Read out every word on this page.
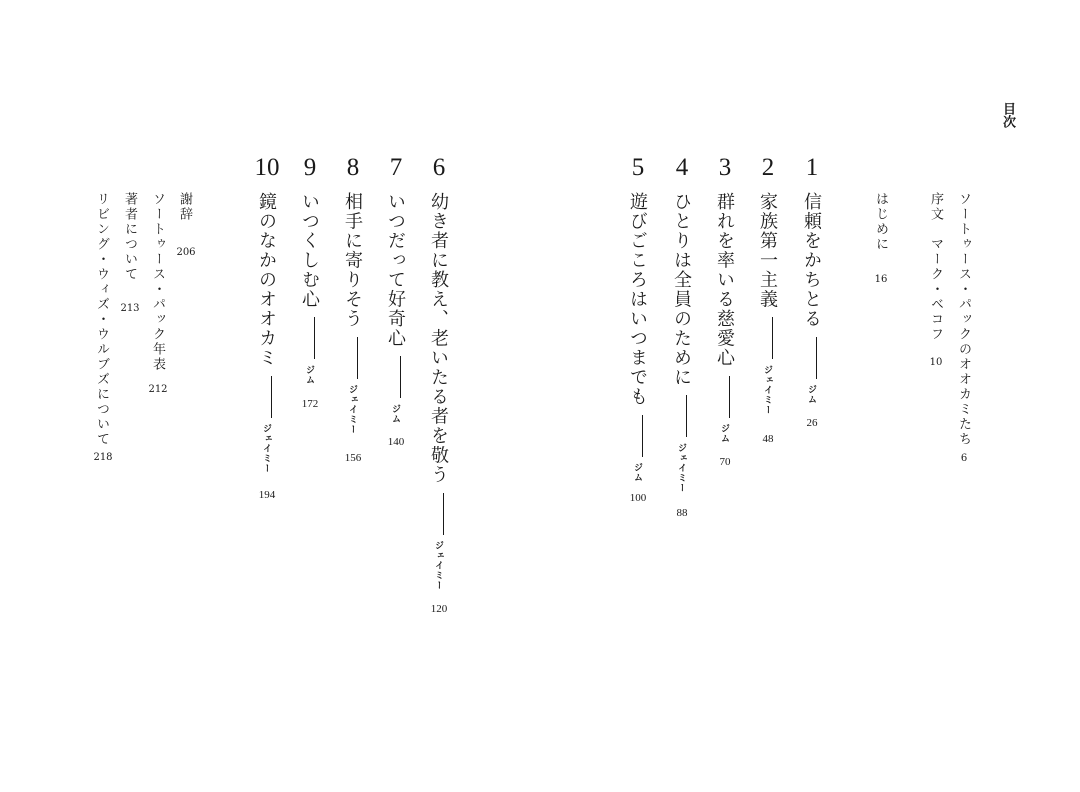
目次
ソートゥース・パックのオオカミたち
6
序文　マーク・ベコフ
10
はじめに
16
1
信頼をかちとるジム
26
2
家族第一主義ジェイミー
48
3
群れを率いる慈愛心ジム
70
4
ひとりは全員のためにジェイミー
88
5
遊びごころはいつまでもジム
100
6
幼き者に教え、老いたる者を敬うジェイミー
120
7
いつだって好奇心ジム
140
8
相手に寄りそうジェイミー
156
9
いつくしむ心ジム
172
10
鏡のなかのオオカミジェイミー
194
謝辞
206
ソートゥース・パック年表
212
著者について
213
リビング・ウィズ・ウルブズについて
218
